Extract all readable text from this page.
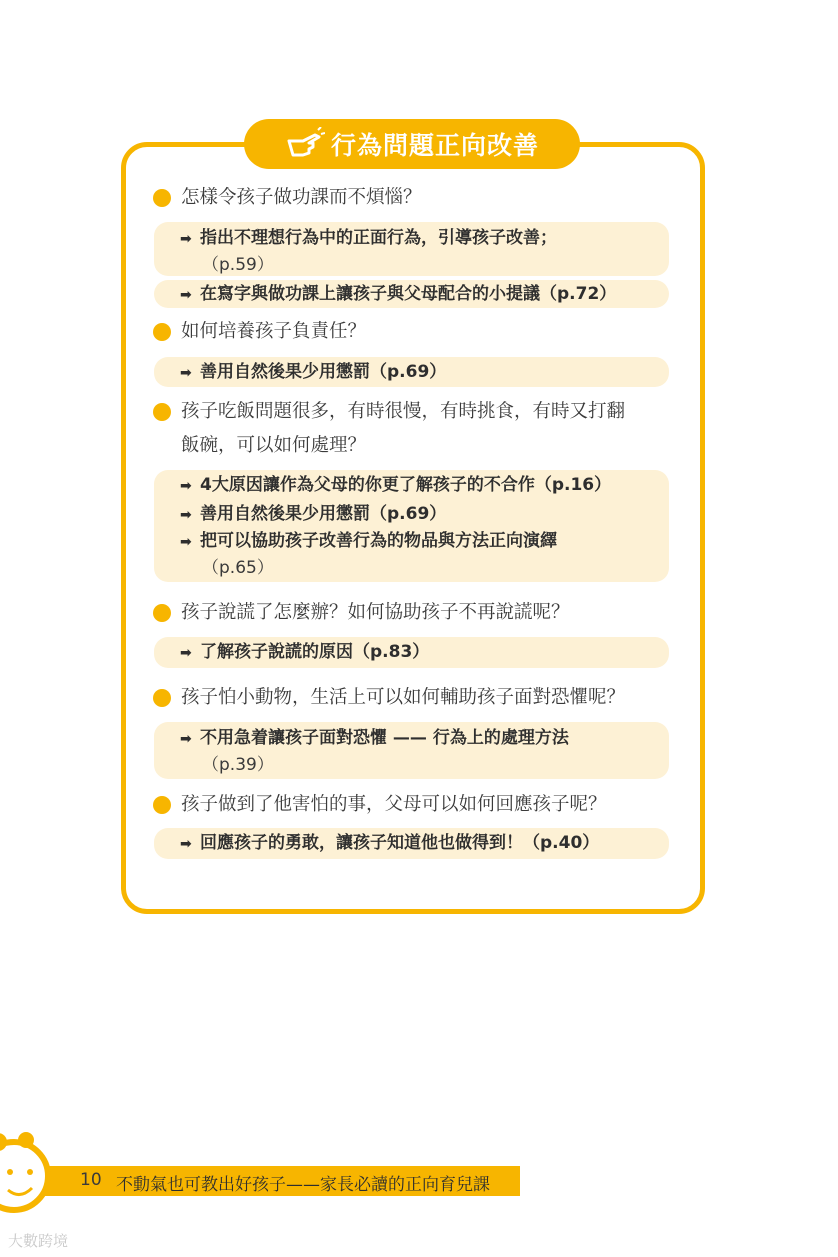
行為問題正向改善
怎樣令孩子做功課而不煩惱？
➡ 指出不理想行為中的正面行為，引導孩子改善；
（p.59）
➡ 在寫字與做功課上讓孩子與父母配合的小提議（p.72）
如何培養孩子負責任？
➡ 善用自然後果少用懲罰（p.69）
孩子吃飯問題很多，有時很慢，有時挑食，有時又打翻
飯碗，可以如何處理？
➡ 4大原因讓作為父母的你更了解孩子的不合作（p.16）
➡ 善用自然後果少用懲罰（p.69）
➡ 把可以協助孩子改善行為的物品與方法正向演繹
（p.65）
孩子說謊了怎麼辦？如何協助孩子不再說謊呢？
➡ 了解孩子說謊的原因（p.83）
孩子怕小動物，生活上可以如何輔助孩子面對恐懼呢？
➡ 不用急着讓孩子面對恐懼 —— 行為上的處理方法
（p.39）
孩子做到了他害怕的事，父母可以如何回應孩子呢？
➡ 回應孩子的勇敢，讓孩子知道他也做得到！（p.40）
10 不動氣也可教出好孩子——家長必讀的正向育兒課
大數跨境
